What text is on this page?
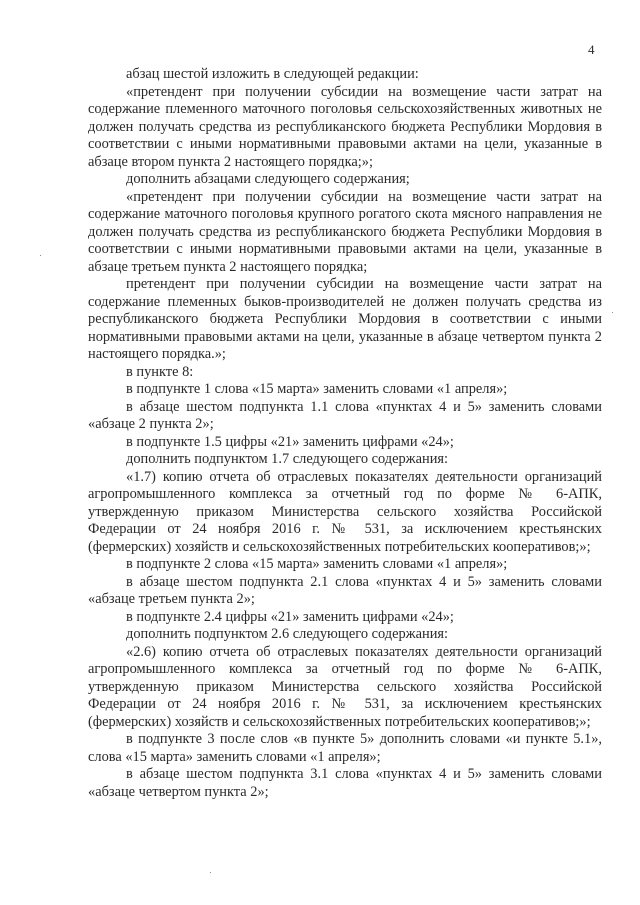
4

абзац шестой изложить в следующей редакции:

«претендент при получении субсидии на возмещение части затрат на содержание племенного маточного поголовья сельскохозяйственных животных не должен получать средства из республиканского бюджета Республики Мордовия в соответствии с иными нормативными правовыми актами на цели, указанные в абзаце втором пункта 2 настоящего порядка;»;

дополнить абзацами следующего содержания;

«претендент при получении субсидии на возмещение части затрат на содержание маточного поголовья крупного рогатого скота мясного направления не должен получать средства из республиканского бюджета Республики Мордовия в соответствии с иными нормативными правовыми актами на цели, указанные в абзаце третьем пункта 2 настоящего порядка;

претендент при получении субсидии на возмещение части затрат на содержание племенных быков-производителей не должен получать средства из республиканского бюджета Республики Мордовия в соответствии с иными нормативными правовыми актами на цели, указанные в абзаце четвертом пункта 2 настоящего порядка.»;

в пункте 8:

в подпункте 1 слова «15 марта» заменить словами «1 апреля»;

в абзаце шестом подпункта 1.1 слова «пунктах 4 и 5» заменить словами «абзаце 2 пункта 2»;

в подпункте 1.5 цифры «21» заменить цифрами «24»;

дополнить подпунктом 1.7 следующего содержания:

«1.7) копию отчета об отраслевых показателях деятельности организаций агропромышленного комплекса за отчетный год по форме № 6-АПК, утвержденную приказом Министерства сельского хозяйства Российской Федерации от 24 ноября 2016 г. № 531, за исключением крестьянских (фермерских) хозяйств и сельскохозяйственных потребительских кооперативов;»;

в подпункте 2 слова «15 марта» заменить словами «1 апреля»;

в абзаце шестом подпункта 2.1 слова «пунктах 4 и 5» заменить словами «абзаце третьем пункта 2»;

в подпункте 2.4 цифры «21» заменить цифрами «24»;

дополнить подпунктом 2.6 следующего содержания:

«2.6) копию отчета об отраслевых показателях деятельности организаций агропромышленного комплекса за отчетный год по форме № 6-АПК, утвержденную приказом Министерства сельского хозяйства Российской Федерации от 24 ноября 2016 г. № 531, за исключением крестьянских (фермерских) хозяйств и сельскохозяйственных потребительских кооперативов;»;

в подпункте 3 после слов «в пункте 5» дополнить словами «и пункте 5.1», слова «15 марта» заменить словами «1 апреля»;

в абзаце шестом подпункта 3.1 слова «пунктах 4 и 5» заменить словами «абзаце четвертом пункта 2»;
